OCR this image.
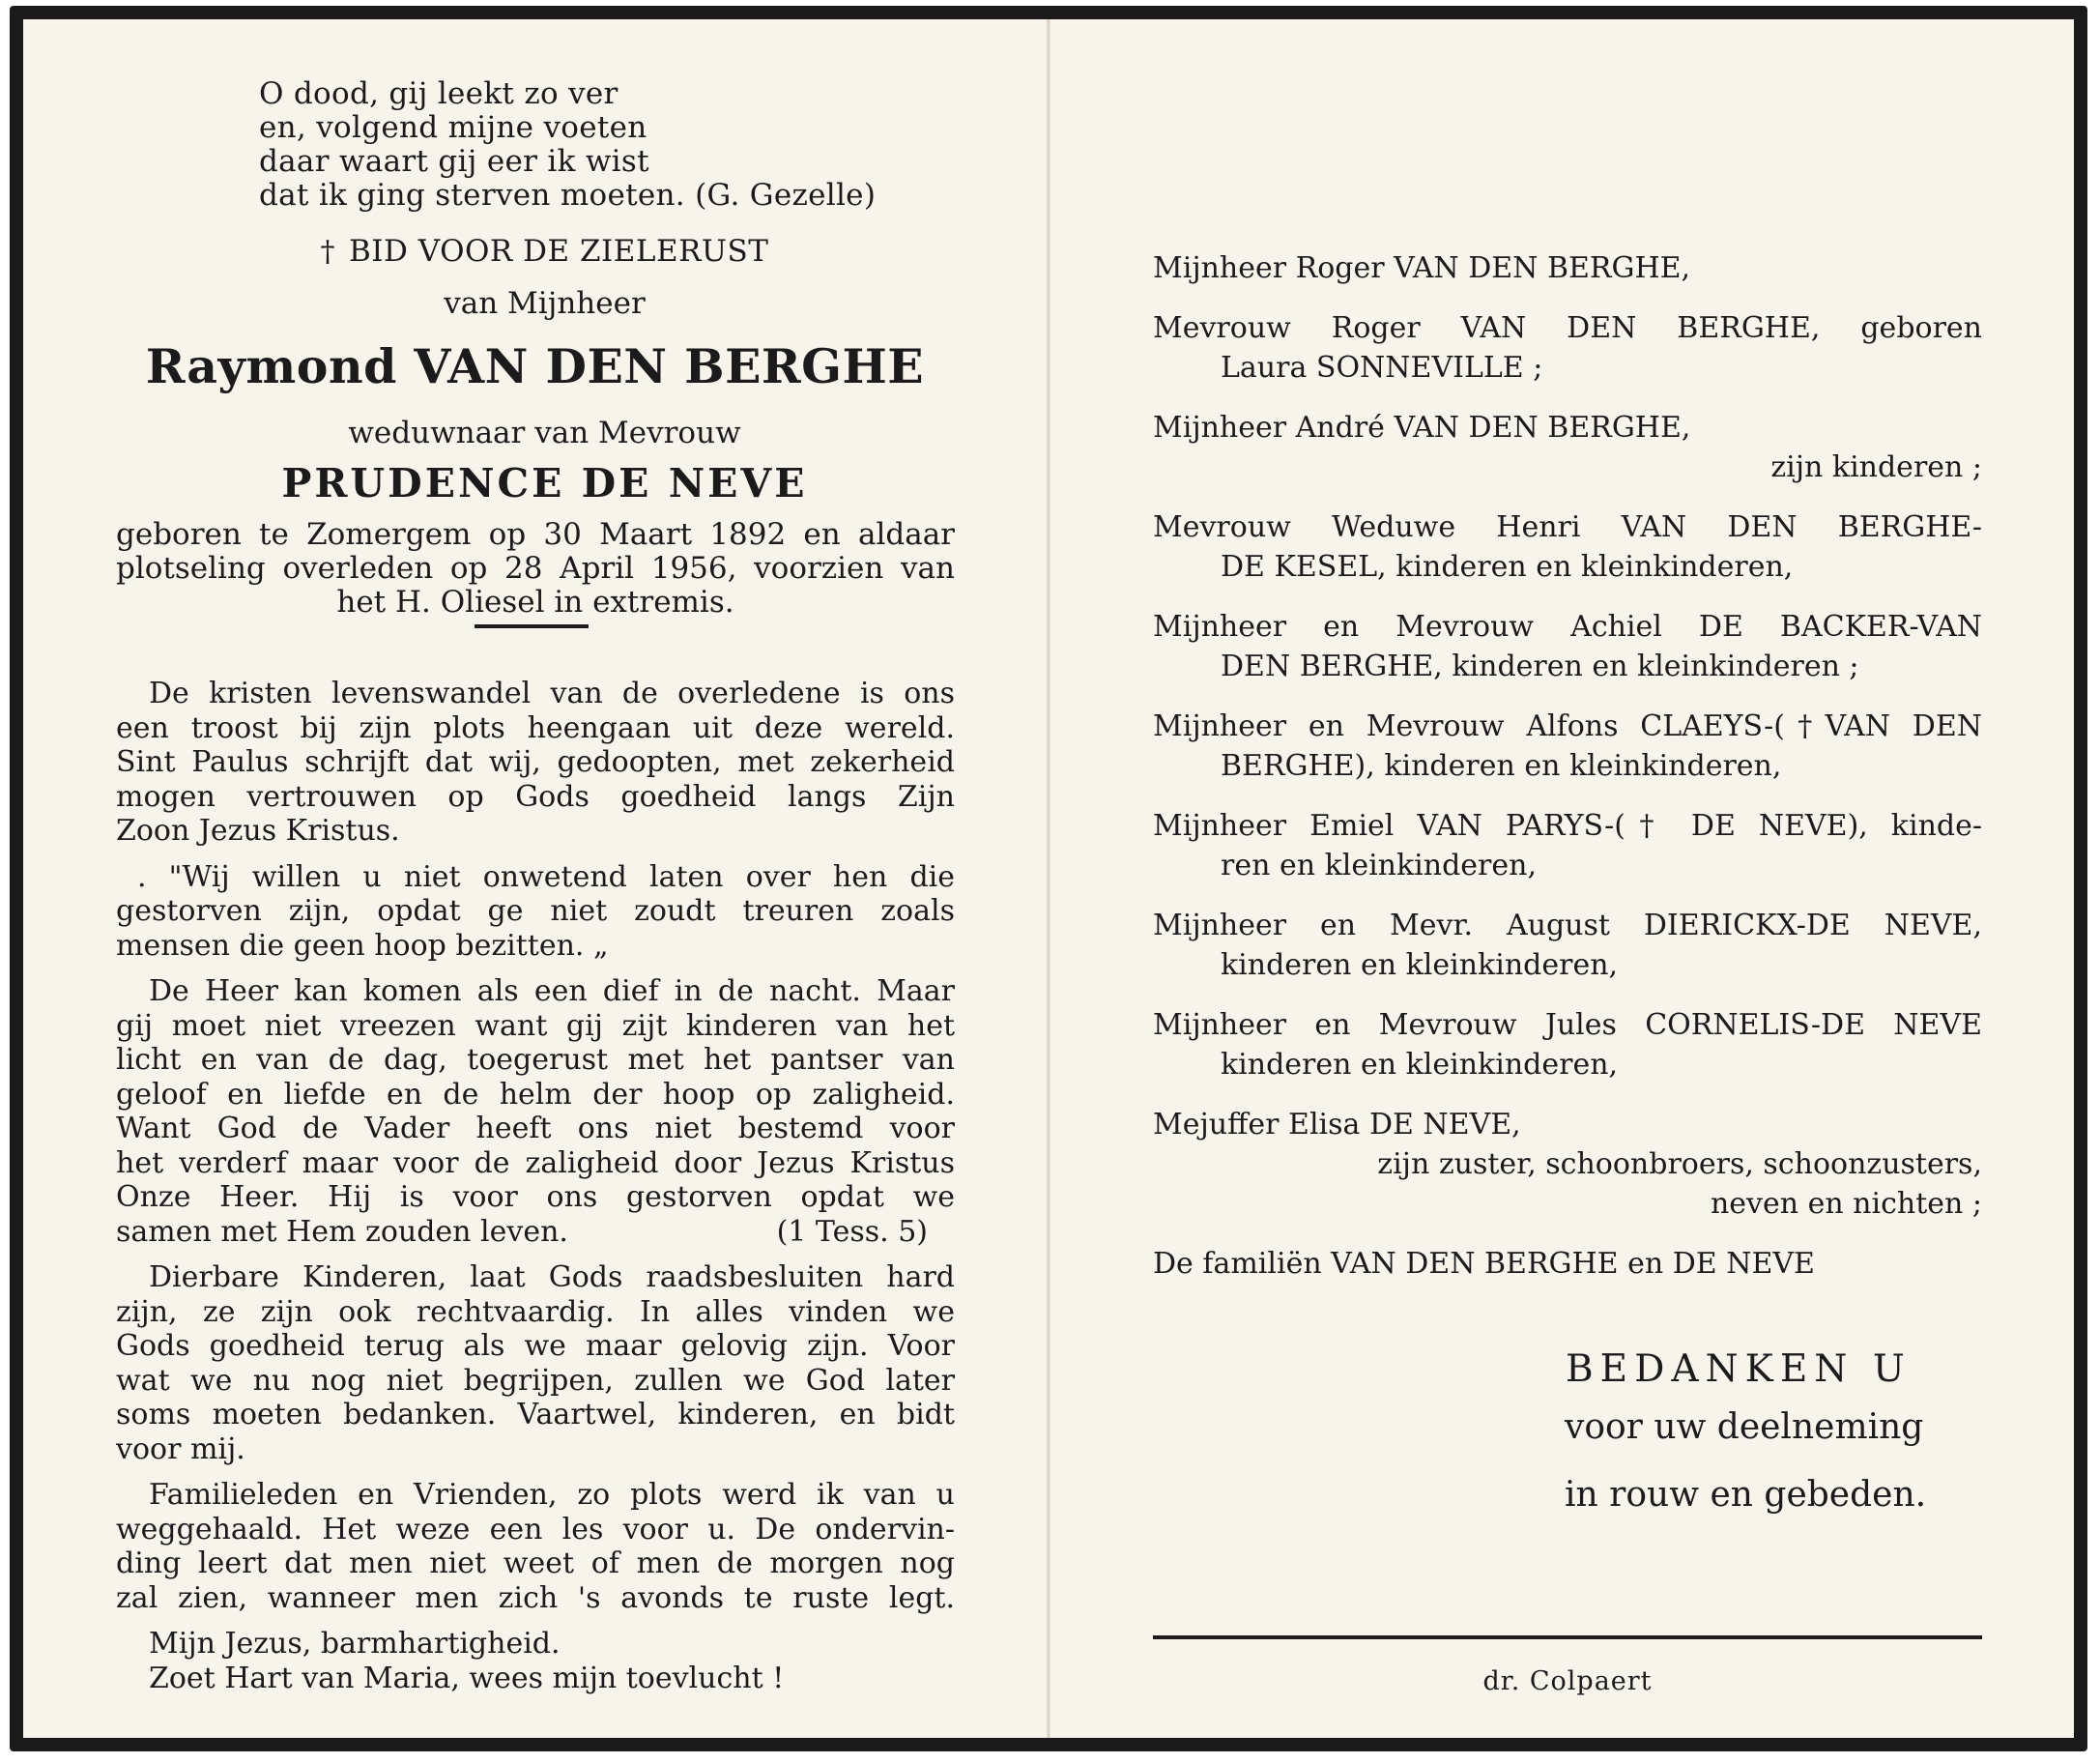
O dood, gij leekt zo ver
en, volgend mijne voeten
daar waart gij eer ik wist
dat ik ging sterven moeten. (G. Gezelle)
† BID VOOR DE ZIELERUST
van Mijnheer
Raymond VAN DEN BERGHE
weduwnaar van Mevrouw
PRUDENCE DE NEVE
geboren te Zomergem op 30 Maart 1892 en aldaar
plotseling overleden op 28 April 1956, voorzien van
het H. Oliesel in extremis.
De kristen levenswandel van de overledene is ons
een troost bij zijn plots heengaan uit deze wereld.
Sint Paulus schrijft dat wij, gedoopten, met zekerheid
mogen vertrouwen op Gods goedheid langs Zijn
Zoon Jezus Kristus.
. "Wij willen u niet onwetend laten over hen die
gestorven zijn, opdat ge niet zoudt treuren zoals
mensen die geen hoop bezitten. „
De Heer kan komen als een dief in de nacht. Maar
gij moet niet vreezen want gij zijt kinderen van het
licht en van de dag, toegerust met het pantser van
geloof en liefde en de helm der hoop op zaligheid.
Want God de Vader heeft ons niet bestemd voor
het verderf maar voor de zaligheid door Jezus Kristus
Onze Heer. Hij is voor ons gestorven opdat we
samen met Hem zouden leven.	(1 Tess. 5)
Dierbare Kinderen, laat Gods raadsbesluiten hard
zijn, ze zijn ook rechtvaardig. In alles vinden we
Gods goedheid terug als we maar gelovig zijn. Voor
wat we nu nog niet begrijpen, zullen we God later
soms moeten bedanken. Vaartwel, kinderen, en bidt
voor mij.
Familieleden en Vrienden, zo plots werd ik van u
weggehaald. Het weze een les voor u. De ondervin-
ding leert dat men niet weet of men de morgen nog
zal zien, wanneer men zich 's avonds te ruste legt.
Mijn Jezus, barmhartigheid.
Zoet Hart van Maria, wees mijn toevlucht !
Mijnheer Roger VAN DEN BERGHE,
Mevrouw Roger VAN DEN BERGHE, geboren
Laura SONNEVILLE ;
Mijnheer André VAN DEN BERGHE,
zijn kinderen ;
Mevrouw Weduwe Henri VAN DEN BERGHE-
DE KESEL, kinderen en kleinkinderen,
Mijnheer en Mevrouw Achiel DE BACKER-VAN
DEN BERGHE, kinderen en kleinkinderen ;
Mijnheer en Mevrouw Alfons CLAEYS-(†VAN DEN
BERGHE), kinderen en kleinkinderen,
Mijnheer Emiel VAN PARYS-(† DE NEVE), kinde-
ren en kleinkinderen,
Mijnheer en Mevr. August DIERICKX-DE NEVE,
kinderen en kleinkinderen,
Mijnheer en Mevrouw Jules CORNELIS-DE NEVE
kinderen en kleinkinderen,
Mejuffer Elisa DE NEVE,
zijn zuster, schoonbroers, schoonzusters,
neven en nichten ;
De familiën VAN DEN BERGHE en DE NEVE
BEDANKEN U
voor uw deelneming
in rouw en gebeden.
dr. Colpaert
